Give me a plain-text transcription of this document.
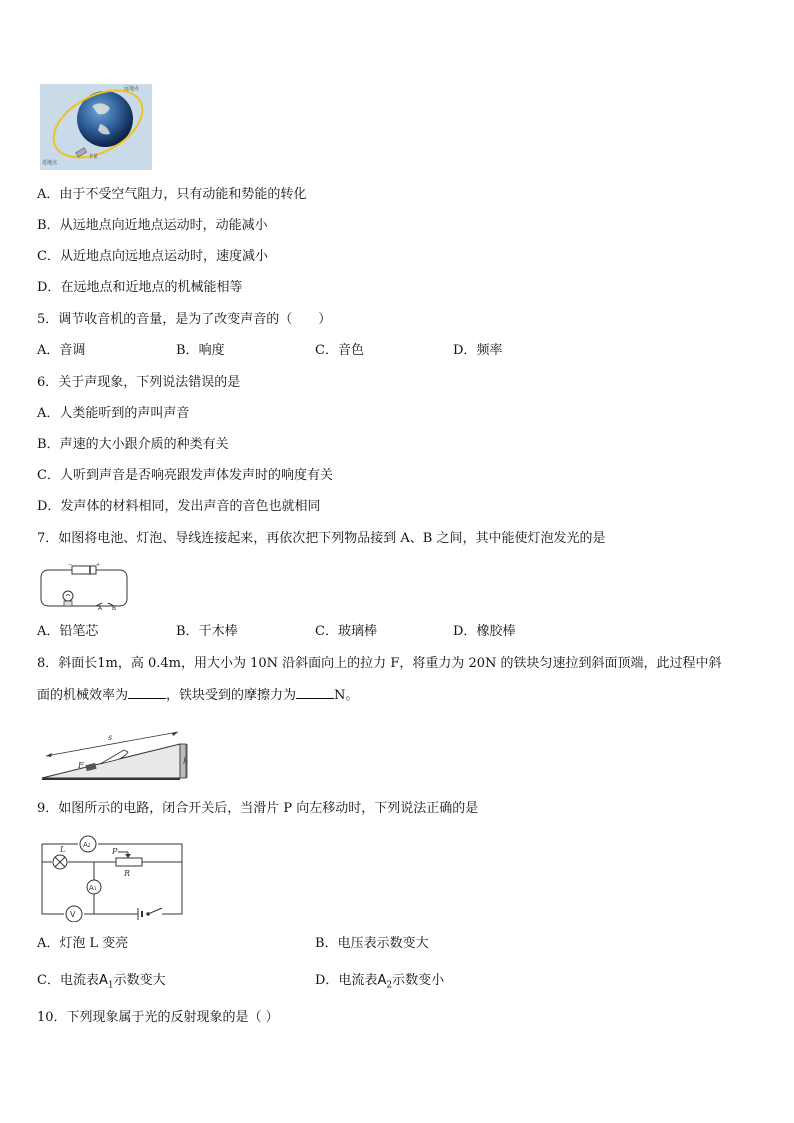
远地点
近地点
卫星
A．由于不受空气阻力，只有动能和势能的转化
B．从远地点向近地点运动时，动能减小
C．从近地点向远地点运动时，速度减小
D．在远地点和近地点的机械能相等
5．调节收音机的音量，是为了改变声音的（　　）
A．音调	B．响度	C．音色	D．频率
6．关于声现象，下列说法错误的是
A．人类能听到的声叫声音
B．声速的大小跟介质的种类有关
C．人听到声音是否响亮跟发声体发声时的响度有关
D．发声体的材料相同，发出声音的音色也就相同
7．如图将电池、灯泡、导线连接起来，再依次把下列物品接到 A、B 之间，其中能使灯泡发光的是
−	+
A B
A．铅笔芯	B．干木棒	C．玻璃棒	D．橡胶棒
8．斜面长1m，高 0.4m，用大小为 10N 沿斜面向上的拉力 F，将重力为 20N 的铁块匀速拉到斜面顶端，此过程中斜
面的机械效率为	，铁块受到的摩擦力为	N。
s
F	h
9．如图所示的电路，闭合开关后，当滑片 P 向左移动时，下列说法正确的是
A₂
L	P
R
A₁
V
A．灯泡 L 变亮	B．电压表示数变大
C．电流表$A_1$示数变大	D．电流表$A_2$示数变小
10．下列现象属于光的反射现象的是（ ）
